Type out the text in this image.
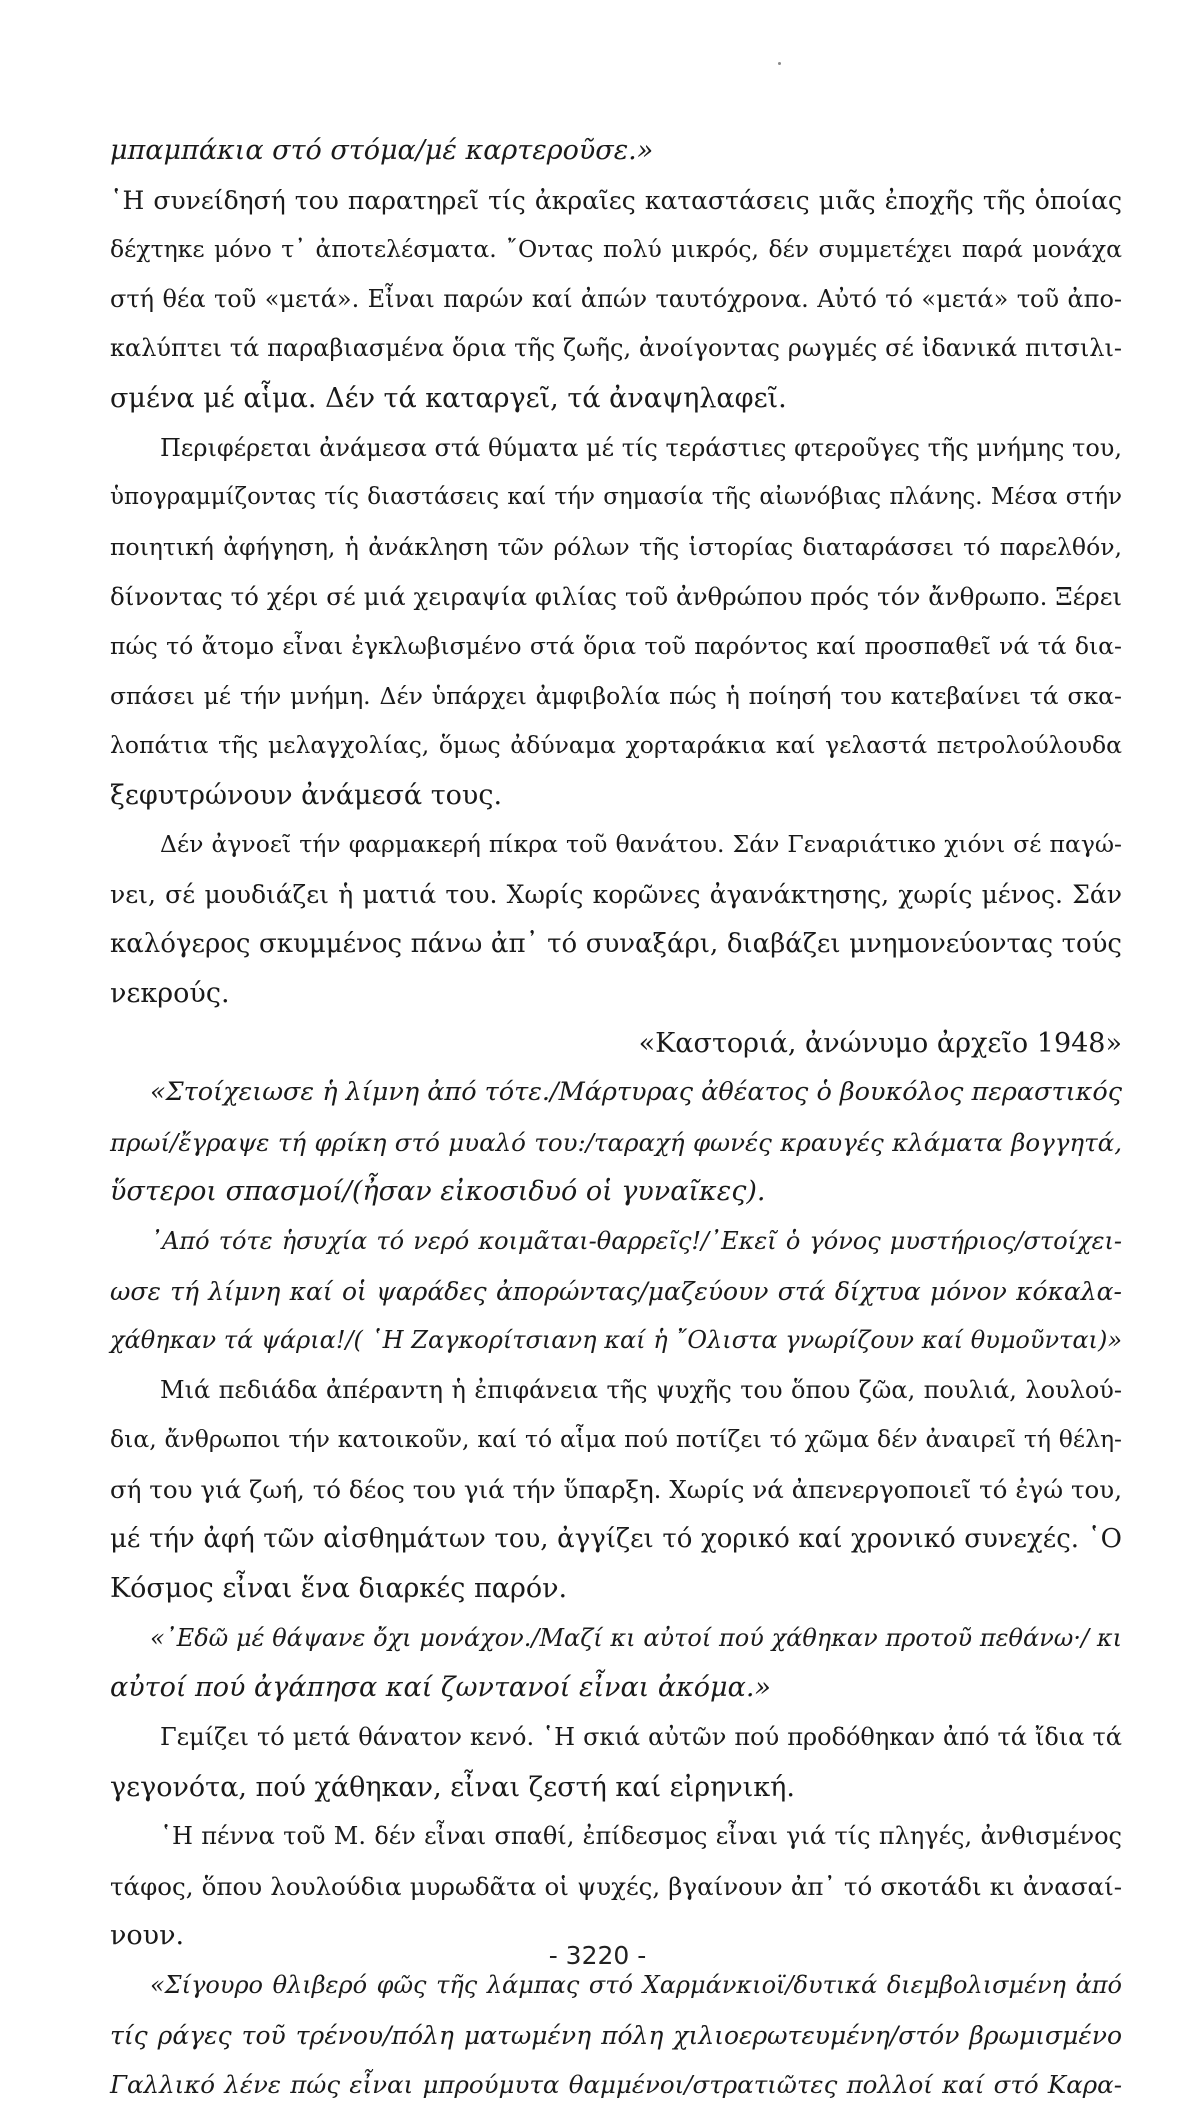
μπαμπάκια στό στόμα/μέ καρτεροῦσε.»
῾Η συνείδησή του παρατηρεῖ τίς ἀκραῖες καταστάσεις μιᾶς ἐποχῆς τῆς ὁποίας
δέχτηκε μόνο τ᾿ ἀποτελέσματα. ῎Οντας πολύ μικρός, δέν συμμετέχει παρά μονάχα
στή θέα τοῦ «μετά». Εἶναι παρών καί ἀπών ταυτόχρονα. Αὐτό τό «μετά» τοῦ ἀπο-
καλύπτει τά παραβιασμένα ὅρια τῆς ζωῆς, ἀνοίγοντας ρωγμές σέ ἰδανικά πιτσιλι-
σμένα μέ αἷμα. Δέν τά καταργεῖ, τά ἀναψηλαφεῖ.
Περιφέρεται ἀνάμεσα στά θύματα μέ τίς τεράστιες φτεροῦγες τῆς μνήμης του,
ὑπογραμμίζοντας τίς διαστάσεις καί τήν σημασία τῆς αἰωνόβιας πλάνης. Μέσα στήν
ποιητική ἀφήγηση, ἡ ἀνάκληση τῶν ρόλων τῆς ἱστορίας διαταράσσει τό παρελθόν,
δίνοντας τό χέρι σέ μιά χειραψία φιλίας τοῦ ἀνθρώπου πρός τόν ἄνθρωπο. Ξέρει
πώς τό ἄτομο εἶναι ἐγκλωβισμένο στά ὅρια τοῦ παρόντος καί προσπαθεῖ νά τά δια-
σπάσει μέ τήν μνήμη. Δέν ὑπάρχει ἀμφιβολία πώς ἡ ποίησή του κατεβαίνει τά σκα-
λοπάτια τῆς μελαγχολίας, ὅμως ἀδύναμα χορταράκια καί γελαστά πετρολούλουδα
ξεφυτρώνουν ἀνάμεσά τους.
Δέν ἀγνοεῖ τήν φαρμακερή πίκρα τοῦ θανάτου. Σάν Γεναριάτικο χιόνι σέ παγώ-
νει, σέ μουδιάζει ἡ ματιά του. Χωρίς κορῶνες ἀγανάκτησης, χωρίς μένος. Σάν
καλόγερος σκυμμένος πάνω ἀπ᾿ τό συναξάρι, διαβάζει μνημονεύοντας τούς
νεκρούς.
«Καστοριά, ἀνώνυμο ἀρχεῖο 1948»
«Στοίχειωσε ἡ λίμνη ἀπό τότε./Μάρτυρας ἀθέατος ὁ βουκόλος περαστικός
πρωί/ἔγραψε τή φρίκη στό μυαλό του:/ταραχή φωνές κραυγές κλάματα βογγητά,
ὕστεροι σπασμοί/(ἦσαν εἰκοσιδυό οἱ γυναῖκες).
᾿Από τότε ἡσυχία τό νερό κοιμᾶται-θαρρεῖς!/᾿Εκεῖ ὁ γόνος μυστήριος/στοίχει-
ωσε τή λίμνη καί οἱ ψαράδες ἀπορώντας/μαζεύουν στά δίχτυα μόνον κόκαλα-
χάθηκαν τά ψάρια!/( ῾Η Ζαγκορίτσιανη καί ἡ ῎Ολιστα γνωρίζουν καί θυμοῦνται)»
Μιά πεδιάδα ἀπέραντη ἡ ἐπιφάνεια τῆς ψυχῆς του ὅπου ζῶα, πουλιά, λουλού-
δια, ἄνθρωποι τήν κατοικοῦν, καί τό αἷμα πού ποτίζει τό χῶμα δέν ἀναιρεῖ τή θέλη-
σή του γιά ζωή, τό δέος του γιά τήν ὕπαρξη. Χωρίς νά ἀπενεργοποιεῖ τό ἐγώ του,
μέ τήν ἀφή τῶν αἰσθημάτων του, ἀγγίζει τό χορικό καί χρονικό συνεχές. ῾Ο
Κόσμος εἶναι ἕνα διαρκές παρόν.
«᾿Εδῶ μέ θάψανε ὄχι μονάχον./Μαζί κι αὐτοί πού χάθηκαν προτοῦ πεθάνω·/ κι
αὐτοί πού ἀγάπησα καί ζωντανοί εἶναι ἀκόμα.»
Γεμίζει τό μετά θάνατον κενό. ῾Η σκιά αὐτῶν πού προδόθηκαν ἀπό τά ἴδια τά
γεγονότα, πού χάθηκαν, εἶναι ζεστή καί εἰρηνική.
῾Η πέννα τοῦ Μ. δέν εἶναι σπαθί, ἐπίδεσμος εἶναι γιά τίς πληγές, ἀνθισμένος
τάφος, ὅπου λουλούδια μυρωδᾶτα οἱ ψυχές, βγαίνουν ἀπ᾿ τό σκοτάδι κι ἀνασαί-
νουν.
«Σίγουρο θλιβερό φῶς τῆς λάμπας στό Χαρμάνκιοϊ/δυτικά διεμβολισμένη ἀπό
τίς ράγες τοῦ τρένου/πόλη ματωμένη πόλη χιλιοερωτευμένη/στόν βρωμισμένο
Γαλλικό λένε πώς εἶναι μπρούμυτα θαμμένοι/στρατιῶτες πολλοί καί στό Καρα-
- 3220 -
